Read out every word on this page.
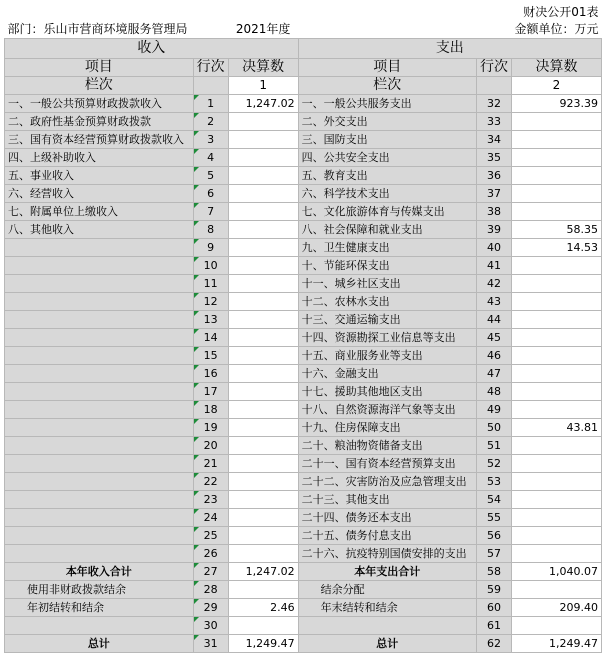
					财决公开01表
部门：乐山市营商环境服务管理局		2021年度			金额单位：万元
收入			支出		
项目	行次	决算数	项目	行次	决算数
栏次		1	栏次		2
一、一般公共预算财政拨款收入	1	1,247.02	一、一般公共服务支出	32	923.39
二、政府性基金预算财政拨款	2		二、外交支出	33	
三、国有资本经营预算财政拨款收入	3		三、国防支出	34	
四、上级补助收入	4		四、公共安全支出	35	
五、事业收入	5		五、教育支出	36	
六、经营收入	6		六、科学技术支出	37	
七、附属单位上缴收入	7		七、文化旅游体育与传媒支出	38	
八、其他收入	8		八、社会保障和就业支出	39	58.35
	9		九、卫生健康支出	40	14.53
	10		十、节能环保支出	41	
	11		十一、城乡社区支出	42	
	12		十二、农林水支出	43	
	13		十三、交通运输支出	44	
	14		十四、资源勘探工业信息等支出	45	
	15		十五、商业服务业等支出	46	
	16		十六、金融支出	47	
	17		十七、援助其他地区支出	48	
	18		十八、自然资源海洋气象等支出	49	
	19		十九、住房保障支出	50	43.81
	20		二十、粮油物资储备支出	51	
	21		二十一、国有资本经营预算支出	52	
	22		二十二、灾害防治及应急管理支出	53	
	23		二十三、其他支出	54	
	24		二十四、债务还本支出	55	
	25		二十五、债务付息支出	56	
	26		二十六、抗疫特别国债安排的支出	57	
本年收入合计	27	1,247.02	本年支出合计	58	1,040.07
使用非财政拨款结余	28		结余分配	59	
年初结转和结余	29	2.46	年末结转和结余	60	209.40
	30			61	
总计	31	1,249.47	总计	62	1,249.47
